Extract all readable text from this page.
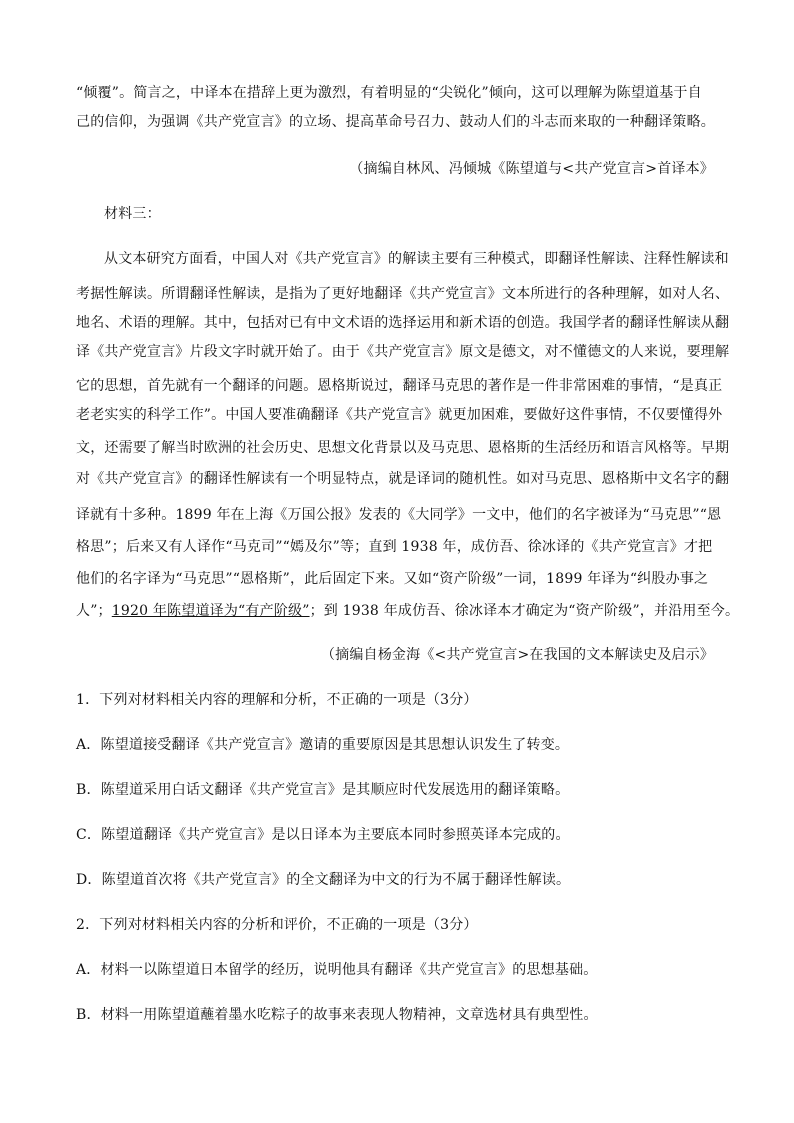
“倾覆”。简言之，中译本在措辞上更为激烈，有着明显的“尖锐化”倾向，这可以理解为陈望道基于自
己的信仰，为强调《共产党宣言》的立场、提高革命号召力、鼓动人们的斗志而来取的一种翻译策略。
（摘编自林风、冯倾城《陈望道与<共产党宣言>首译本》
材料三：
从文本研究方面看，中国人对《共产党宣言》的解读主要有三种模式，即翻译性解读、注释性解读和
考据性解读。所谓翻译性解读，是指为了更好地翻译《共产党宣言》文本所进行的各种理解，如对人名、
地名、术语的理解。其中，包括对已有中文术语的选择运用和新术语的创造。我国学者的翻译性解读从翻
译《共产党宣言》片段文字时就开始了。由于《共产党宣言》原文是德文，对不懂德文的人来说，要理解
它的思想，首先就有一个翻译的问题。恩格斯说过，翻译马克思的著作是一件非常困难的事情，“是真正
老老实实的科学工作”。中国人要准确翻译《共产党宣言》就更加困难，要做好这件事情，不仅要懂得外
文，还需要了解当时欧洲的社会历史、思想文化背景以及马克思、恩格斯的生活经历和语言风格等。早期
对《共产党宣言》的翻译性解读有一个明显特点，就是译词的随机性。如对马克思、恩格斯中文名字的翻
译就有十多种。1899 年在上海《万国公报》发表的《大同学》一文中，他们的名字被译为“马克思”“恩
格思”；后来又有人译作“马克司”“嫣及尔”等；直到 1938 年，成仿吾、徐冰译的《共产党宣言》才把
他们的名字译为“马克思”“恩格斯”，此后固定下来。又如“资产阶级”一词，1899 年译为“纠股办事之
人”；1920 年陈望道译为“有产阶级”；到 1938 年成仿吾、徐冰译本才确定为“资产阶级”，并沿用至今。
（摘编自杨金海《<共产党宣言>在我国的文本解读史及启示》
1．下列对材料相关内容的理解和分析，不正确的一项是（3分）
A．陈望道接受翻译《共产党宣言》邀请的重要原因是其思想认识发生了转变。
B．陈望道采用白话文翻译《共产党宣言》是其顺应时代发展选用的翻译策略。
C．陈望道翻译《共产党宣言》是以日译本为主要底本同时参照英译本完成的。
D．陈望道首次将《共产党宣言》的全文翻译为中文的行为不属于翻译性解读。
2．下列对材料相关内容的分析和评价，不正确的一项是（3分）
A．材料一以陈望道日本留学的经历，说明他具有翻译《共产党宣言》的思想基础。
B．材料一用陈望道蘸着墨水吃粽子的故事来表现人物精神，文章选材具有典型性。
